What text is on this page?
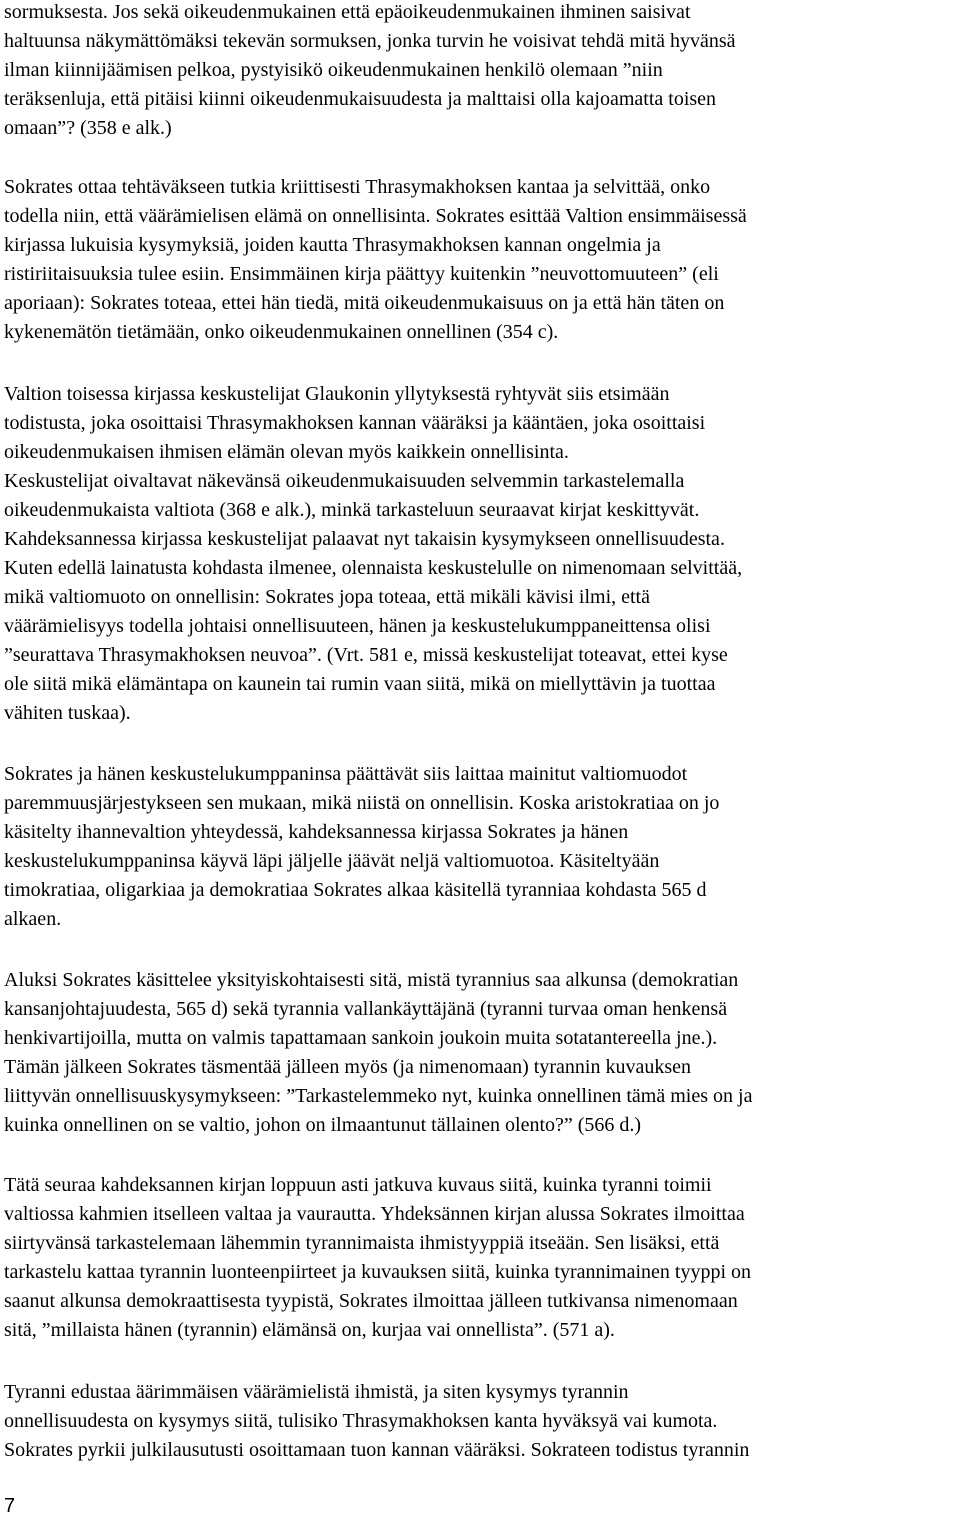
sormuksesta. Jos sekä oikeudenmukainen että epäoikeudenmukainen ihminen saisivat
haltuunsa näkymättömäksi tekevän sormuksen, jonka turvin he voisivat tehdä mitä hyvänsä
ilman kiinnijäämisen pelkoa, pystyisikö oikeudenmukainen henkilö olemaan ”niin
teräksenluja, että pitäisi kiinni oikeudenmukaisuudesta ja malttaisi olla kajoamatta toisen
omaan”? (358 e alk.)

Sokrates ottaa tehtäväkseen tutkia kriittisesti Thrasymakhoksen kantaa ja selvittää, onko
todella niin, että väärämielisen elämä on onnellisinta. Sokrates esittää Valtion ensimmäisessä
kirjassa lukuisia kysymyksiä, joiden kautta Thrasymakhoksen kannan ongelmia ja
ristiriitaisuuksia tulee esiin. Ensimmäinen kirja päättyy kuitenkin ”neuvottomuuteen” (eli
aporiaan): Sokrates toteaa, ettei hän tiedä, mitä oikeudenmukaisuus on ja että hän täten on
kykenemätön tietämään, onko oikeudenmukainen onnellinen (354 c).

Valtion toisessa kirjassa keskustelijat Glaukonin yllytyksestä ryhtyvät siis etsimään
todistusta, joka osoittaisi Thrasymakhoksen kannan vääräksi ja kääntäen, joka osoittaisi
oikeudenmukaisen ihmisen elämän olevan myös kaikkein onnellisinta.
Keskustelijat oivaltavat näkevänsä oikeudenmukaisuuden selvemmin tarkastelemalla
oikeudenmukaista valtiota (368 e alk.), minkä tarkasteluun seuraavat kirjat keskittyvät.
Kahdeksannessa kirjassa keskustelijat palaavat nyt takaisin kysymykseen onnellisuudesta.
Kuten edellä lainatusta kohdasta ilmenee, olennaista keskustelulle on nimenomaan selvittää,
mikä valtiomuoto on onnellisin: Sokrates jopa toteaa, että mikäli kävisi ilmi, että
väärämielisyys todella johtaisi onnellisuuteen, hänen ja keskustelukumppaneittensa olisi
”seurattava Thrasymakhoksen neuvoa”. (Vrt. 581 e, missä keskustelijat toteavat, ettei kyse
ole siitä mikä elämäntapa on kaunein tai rumin vaan siitä, mikä on miellyttävin ja tuottaa
vähiten tuskaa).

Sokrates ja hänen keskustelukumppaninsa päättävät siis laittaa mainitut valtiomuodot
paremmuusjärjestykseen sen mukaan, mikä niistä on onnellisin. Koska aristokratiaa on jo
käsitelty ihannevaltion yhteydessä, kahdeksannessa kirjassa Sokrates ja hänen
keskustelukumppaninsa käyvä läpi jäljelle jäävät neljä valtiomuotoa. Käsiteltyään
timokratiaa, oligarkiaa ja demokratiaa Sokrates alkaa käsitellä tyranniaa kohdasta 565 d
alkaen.

Aluksi Sokrates käsittelee yksityiskohtaisesti sitä, mistä tyrannius saa alkunsa (demokratian
kansanjohtajuudesta, 565 d) sekä tyrannia vallankäyttäjänä (tyranni turvaa oman henkensä
henkivartijoilla, mutta on valmis tapattamaan sankoin joukoin muita sotatantereella jne.).
Tämän jälkeen Sokrates täsmentää jälleen myös (ja nimenomaan) tyrannin kuvauksen
liittyvän onnellisuuskysymykseen: ”Tarkastelemmeko nyt, kuinka onnellinen tämä mies on ja
kuinka onnellinen on se valtio, johon on ilmaantunut tällainen olento?” (566 d.)

Tätä seuraa kahdeksannen kirjan loppuun asti jatkuva kuvaus siitä, kuinka tyranni toimii
valtiossa kahmien itselleen valtaa ja vaurautta. Yhdeksännen kirjan alussa Sokrates ilmoittaa
siirtyvänsä tarkastelemaan lähemmin tyrannimaista ihmistyyppiä itseään. Sen lisäksi, että
tarkastelu kattaa tyrannin luonteenpiirteet ja kuvauksen siitä, kuinka tyrannimainen tyyppi on
saanut alkunsa demokraattisesta tyypistä, Sokrates ilmoittaa jälleen tutkivansa nimenomaan
sitä, ”millaista hänen (tyrannin) elämänsä on, kurjaa vai onnellista”. (571 a).

Tyranni edustaa äärimmäisen väärämielistä ihmistä, ja siten kysymys tyrannin
onnellisuudesta on kysymys siitä, tulisiko Thrasymakhoksen kanta hyväksyä vai kumota.
Sokrates pyrkii julkilausutusti osoittamaan tuon kannan vääräksi. Sokrateen todistus tyrannin

7
